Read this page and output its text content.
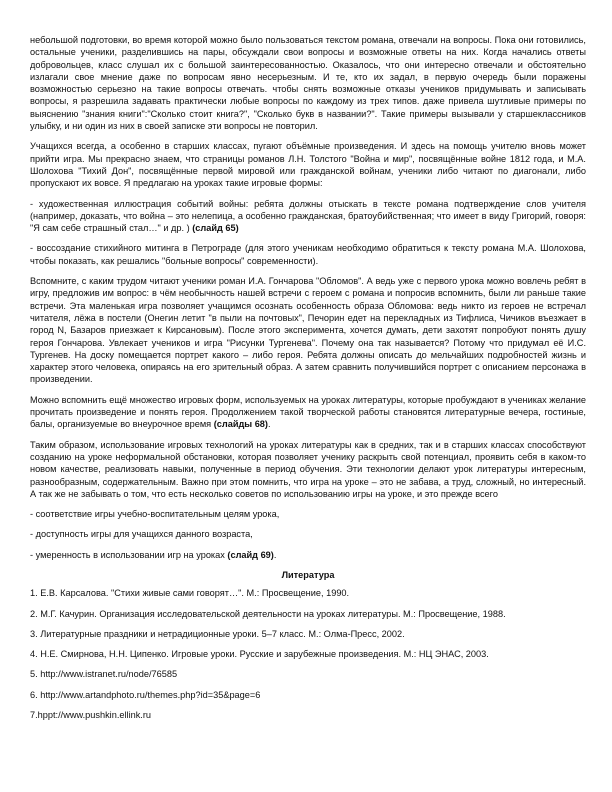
небольшой подготовки, во время которой можно было пользоваться текстом романа, отвечали на вопросы. Пока они готовились, остальные ученики, разделившись на пары, обсуждали свои вопросы и возможные ответы на них. Когда начались ответы добровольцев, класс слушал их с большой заинтересованностью. Оказалось, что они интересно отвечали и обстоятельно излагали свое мнение даже по вопросам явно несерьезным. И те, кто их задал, в первую очередь были поражены возможностью серьезно на такие вопросы отвечать. чтобы снять возможные отказы учеников придумывать и записывать вопросы, я разрешила задавать практически любые вопросы по каждому из трех типов. даже привела шутливые примеры по выяснению "знания книги":"Сколько стоит книга?", "Сколько букв в названии?". Такие примеры вызывали у старшеклассников улыбку, и ни один из них в своей записке эти вопросы не повторил.

Учащихся всегда, а особенно в старших классах, пугают объёмные произведения. И здесь на помощь учителю вновь может прийти игра. Мы прекрасно знаем, что страницы романов Л.Н. Толстого "Война и мир", посвящённые войне 1812 года, и М.А. Шолохова "Тихий Дон", посвящённые первой мировой или гражданской войнам, ученики либо читают по диагонали, либо пропускают их вовсе. Я предлагаю на уроках такие игровые формы:

- художественная иллюстрация событий войны: ребята должны отыскать в тексте романа подтверждение слов учителя (например, доказать, что война – это нелепица, а особенно гражданская, братоубийственная; что имеет в виду Григорий, говоря: "Я сам себе страшный стал…" и др. ) (слайд 65)

- воссоздание стихийного митинга в Петрограде (для этого ученикам необходимо обратиться к тексту романа М.А. Шолохова, чтобы показать, как решались "больные вопросы" современности).

Вспомните, с каким трудом читают ученики роман И.А. Гончарова "Обломов". А ведь уже с первого урока можно вовлечь ребят в игру, предложив им вопрос: в чём необычность нашей встречи с героем с романа и попросив вспомнить, были ли раньше такие встречи. Эта маленькая игра позволяет учащимся осознать особенность образа Обломова: ведь никто из героев не встречал читателя, лёжа в постели (Онегин летит "в пыли на почтовых", Печорин едет на перекладных из Тифлиса, Чичиков въезжает в город N, Базаров приезжает к Кирсановым). После этого эксперимента, хочется думать, дети захотят попробуют понять душу героя Гончарова. Увлекает учеников и игра "Рисунки Тургенева". Почему она так называется? Потому что придумал её И.С. Тургенев. На доску помещается портрет какого – либо героя. Ребята должны описать до мельчайших подробностей жизнь и характер этого человека, опираясь на его зрительный образ. А затем сравнить получившийся портрет с описанием персонажа в произведении.

Можно вспомнить ещё множество игровых форм, используемых на уроках литературы, которые пробуждают в учениках желание прочитать произведение и понять героя. Продолжением такой творческой работы становятся литературные вечера, гостиные, балы, организуемые во внеурочное время (слайды 68).

Таким образом, использование игровых технологий на уроках литературы как в средних, так и в старших классах способствуют созданию на уроке неформальной обстановки, которая позволяет ученику раскрыть свой потенциал, проявить себя в каком-то новом качестве, реализовать навыки, полученные в период обучения. Эти технологии делают урок литературы интересным, разнообразным, содержательным. Важно при этом помнить, что игра на уроке – это не забава, а труд, сложный, но интересный. А так же не забывать о том, что есть несколько советов по использованию игры на уроке, и это прежде всего

- соответствие игры учебно-воспитательным целям урока,

- доступность игры для учащихся данного возраста,

- умеренность в использовании игр на уроках (слайд 69).

Литература
1. Е.В. Карсалова. "Стихи живые сами говорят…". М.: Просвещение, 1990.
2. М.Г. Качурин. Организация исследовательской деятельности на уроках литературы. М.: Просвещение, 1988.
3. Литературные праздники и нетрадиционные уроки. 5–7 класс. М.: Олма-Пресс, 2002.
4. Н.Е. Смирнова, Н.Н. Ципенко. Игровые уроки. Русские и зарубежные произведения. М.: НЦ ЭНАС, 2003.
5. http://www.istranet.ru/node/76585
6. http://www.artandphoto.ru/themes.php?id=35&page=6
7.hppt://www.pushkin.ellink.ru
